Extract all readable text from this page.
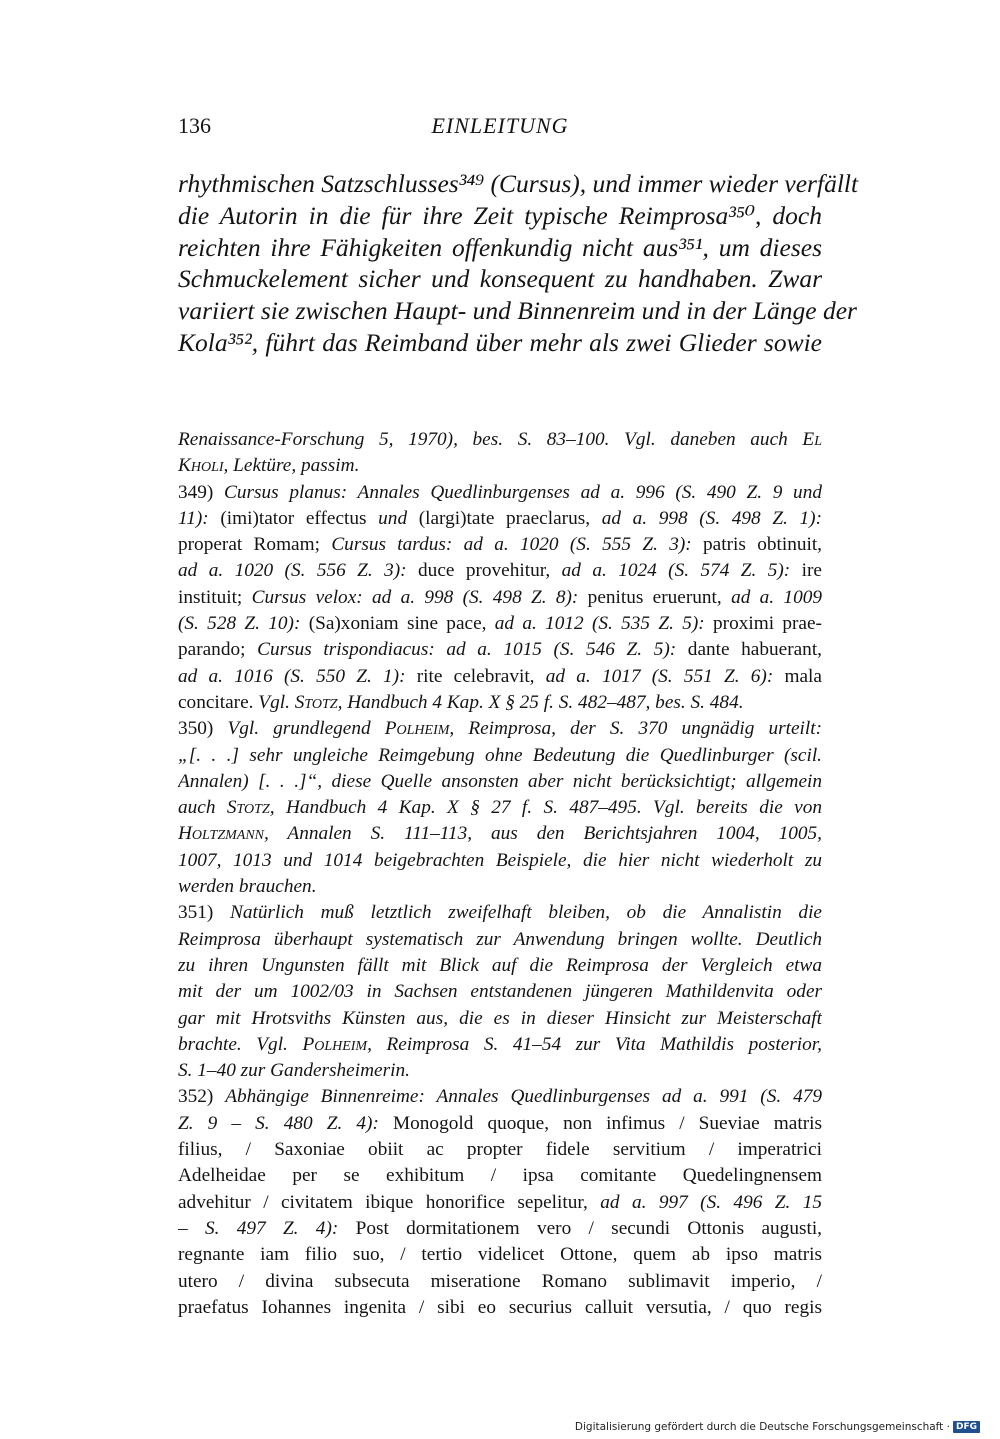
136	EINLEITUNG
rhythmischen Satzschlusses³⁴⁹ (Cursus), und immer wieder verfällt
die Autorin in die für ihre Zeit typische Reimprosa³⁵⁰, doch
reichten ihre Fähigkeiten offenkundig nicht aus³⁵¹, um dieses
Schmuckelement sicher und konsequent zu handhaben. Zwar
variiert sie zwischen Haupt- und Binnenreim und in der Länge der
Kola³⁵², führt das Reimband über mehr als zwei Glieder sowie
Renaissance-Forschung 5, 1970), bes. S. 83–100. Vgl. daneben auch El
Kholi, Lektüre, passim.
349) Cursus planus: Annales Quedlinburgenses ad a. 996 (S. 490 Z. 9 und
11): (imi)tator effectus und (largi)tate praeclarus, ad a. 998 (S. 498 Z. 1):
properat Romam; Cursus tardus: ad a. 1020 (S. 555 Z. 3): patris obtinuit,
ad a. 1020 (S. 556 Z. 3): duce provehitur, ad a. 1024 (S. 574 Z. 5): ire
instituit; Cursus velox: ad a. 998 (S. 498 Z. 8): penitus eruerunt, ad a. 1009
(S. 528 Z. 10): (Sa)xoniam sine pace, ad a. 1012 (S. 535 Z. 5): proximi prae-
parando; Cursus trispondiacus: ad a. 1015 (S. 546 Z. 5): dante habuerant,
ad a. 1016 (S. 550 Z. 1): rite celebravit, ad a. 1017 (S. 551 Z. 6): mala
concitare. Vgl. Stotz, Handbuch 4 Kap. X § 25 f. S. 482–487, bes. S. 484.
350) Vgl. grundlegend Polheim, Reimprosa, der S. 370 ungnädig urteilt:
„[. . .] sehr ungleiche Reimgebung ohne Bedeutung die Quedlinburger (scil.
Annalen) [. . .]“, diese Quelle ansonsten aber nicht berücksichtigt; allgemein
auch Stotz, Handbuch 4 Kap. X § 27 f. S. 487–495. Vgl. bereits die von
Holtzmann, Annalen S. 111–113, aus den Berichtsjahren 1004, 1005,
1007, 1013 und 1014 beigebrachten Beispiele, die hier nicht wiederholt zu
werden brauchen.
351) Natürlich muß letztlich zweifelhaft bleiben, ob die Annalistin die
Reimprosa überhaupt systematisch zur Anwendung bringen wollte. Deutlich
zu ihren Ungunsten fällt mit Blick auf die Reimprosa der Vergleich etwa
mit der um 1002/03 in Sachsen entstandenen jüngeren Mathildenvita oder
gar mit Hrotsviths Künsten aus, die es in dieser Hinsicht zur Meisterschaft
brachte. Vgl. Polheim, Reimprosa S. 41–54 zur Vita Mathildis posterior,
S. 1–40 zur Gandersheimerin.
352) Abhängige Binnenreime: Annales Quedlinburgenses ad a. 991 (S. 479
Z. 9 – S. 480 Z. 4): Monogold quoque, non infimus / Sueviae matris
filius, / Saxoniae obiit ac propter fidele servitium / imperatrici
Adelheidae per se exhibitum / ipsa comitante Quedelingnensem
advehitur / civitatem ibique honorifice sepelitur, ad a. 997 (S. 496 Z. 15
– S. 497 Z. 4): Post dormitationem vero / secundi Ottonis augusti,
regnante iam filio suo, / tertio videlicet Ottone, quem ab ipso matris
utero / divina subsecuta miseratione Romano sublimavit imperio, /
praefatus Iohannes ingenita / sibi eo securius calluit versutia, / quo regis
Digitalisierung gefördert durch die Deutsche Forschungsgemeinschaft · DFG
